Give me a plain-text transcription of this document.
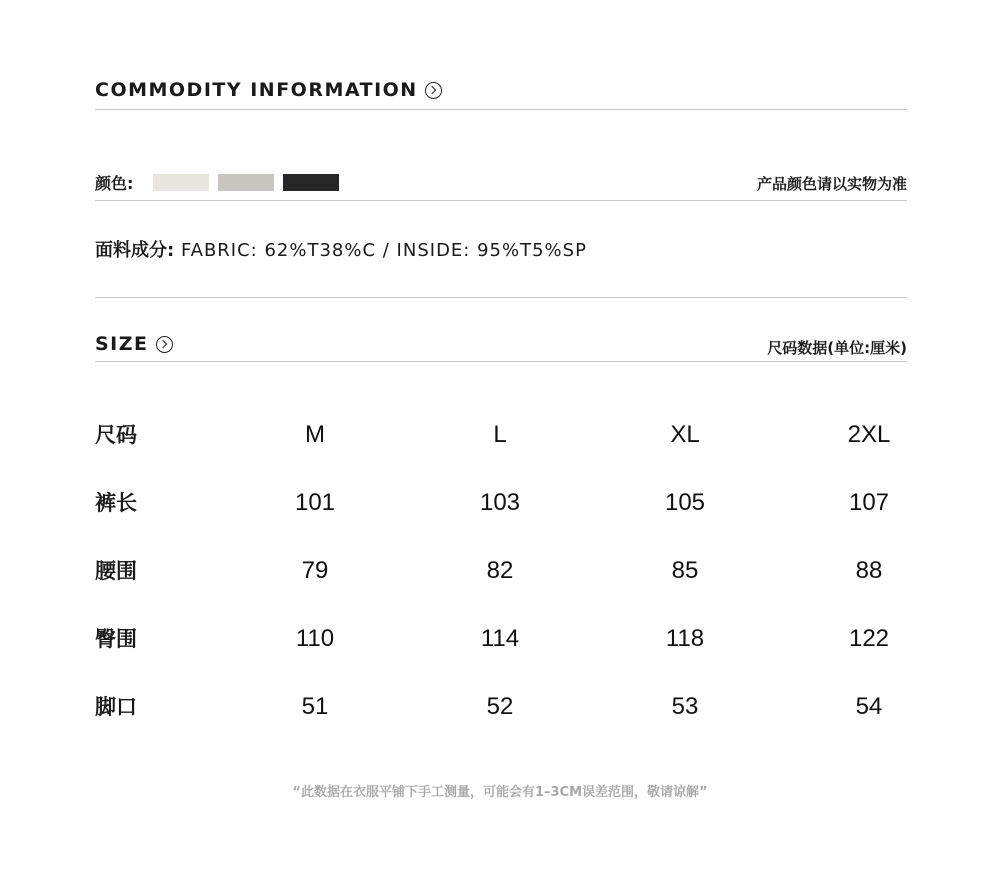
COMMODITY INFORMATION
颜色:	产品颜色请以实物为准
面料成分: FABRIC: 62%T38%C / INSIDE: 95%T5%SP
SIZE	尺码数据(单位:厘米)
尺码	M	L	XL	2XL
裤长	101	103	105	107
腰围	79	82	85	88
臀围	110	114	118	122
脚口	51	52	53	54
“此数据在衣服平铺下手工测量，可能会有1–3CM误差范围，敬请谅解”
